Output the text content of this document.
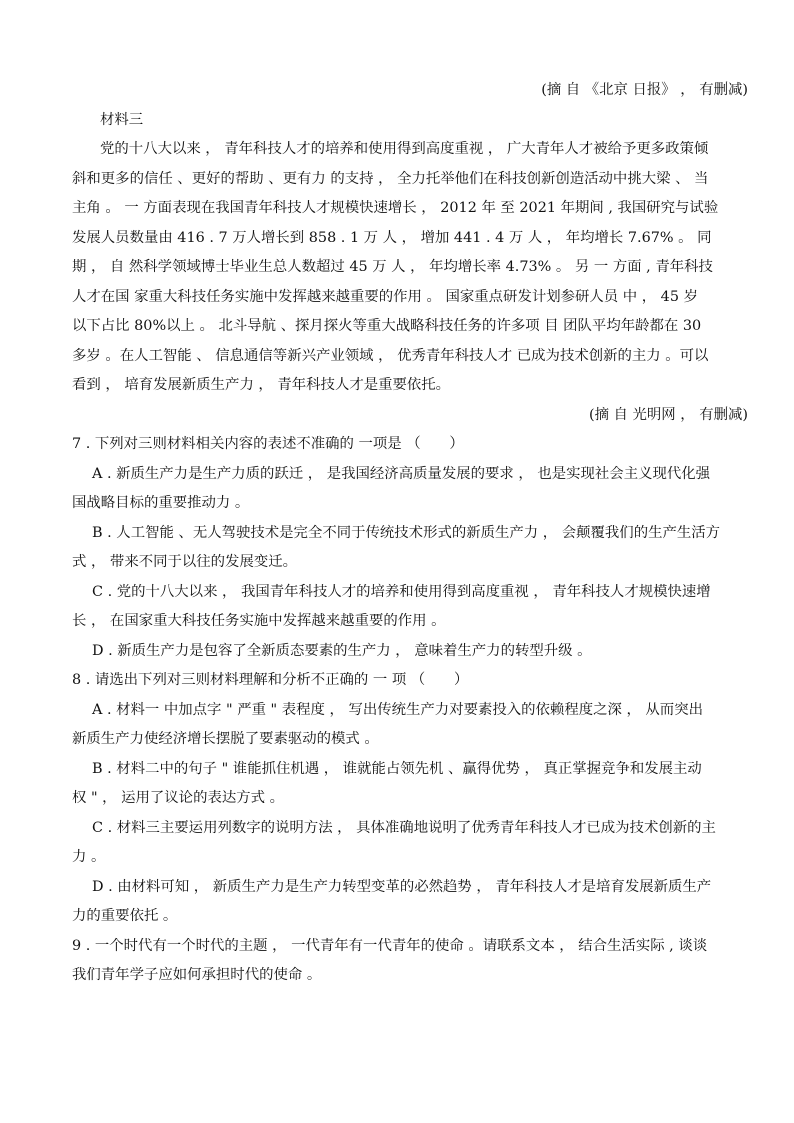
(摘 自 《北京 日报》 ， 有删减)
材料三
党的十八大以来 ， 青年科技人才的培养和使用得到高度重视 ， 广大青年人才被给予更多政策倾
斜和更多的信任 、更好的帮助 、更有力 的支持 ， 全力托举他们在科技创新创造活动中挑大梁 、 当
主角 。 一 方面表现在我国青年科技人才规模快速增长 ， 2012 年 至 2021 年期间 , 我国研究与试验
发展人员数量由 416 . 7 万人增长到 858 . 1 万 人 ， 增加 441 . 4 万 人 ， 年均增长 7.67% 。 同
期 ， 自 然科学领域博士毕业生总人数超过 45 万 人 ， 年均增长率 4.73% 。 另 一 方面 , 青年科技
人才在国 家重大科技任务实施中发挥越来越重要的作用 。 国家重点研发计划参研人员 中 ， 45 岁
以下占比 80%以上 。 北斗导航 、探月探火等重大战略科技任务的许多项 目 团队平均年龄都在 30
多岁 。在人工智能 、 信息通信等新兴产业领域 ， 优秀青年科技人才 已成为技术创新的主力 。可以
看到 ， 培育发展新质生产力 ， 青年科技人才是重要依托。
(摘 自 光明网 ， 有删减)
7 . 下列对三则材料相关内容的表述不准确的 一项是 （　　）
A . 新质生产力是生产力质的跃迁 ， 是我国经济高质量发展的要求 ， 也是实现社会主义现代化强
国战略目标的重要推动力 。
B . 人工智能 、无人驾驶技术是完全不同于传统技术形式的新质生产力 ， 会颠覆我们的生产生活方
式 ， 带来不同于以往的发展变迁。
C . 党的十八大以来 ， 我国青年科技人才的培养和使用得到高度重视 ， 青年科技人才规模快速增
长 ， 在国家重大科技任务实施中发挥越来越重要的作用 。
D . 新质生产力是包容了全新质态要素的生产力 ， 意味着生产力的转型升级 。
8 . 请选出下列对三则材料理解和分析不正确的 一 项 （　　）
A . 材料一 中加点字 " 严重 " 表程度 ， 写出传统生产力对要素投入的依赖程度之深 ， 从而突出
新质生产力使经济增长摆脱了要素驱动的模式 。
B . 材料二中的句子 " 谁能抓住机遇 ， 谁就能占领先机 、赢得优势 ， 真正掌握竞争和发展主动
权 " ， 运用了议论的表达方式 。
C . 材料三主要运用列数字的说明方法 ， 具体准确地说明了优秀青年科技人才已成为技术创新的主
力 。
D . 由材料可知 ， 新质生产力是生产力转型变革的必然趋势 ， 青年科技人才是培育发展新质生产
力的重要依托 。
9 . 一个时代有一个时代的主题 ， 一代青年有一代青年的使命 。请联系文本 ， 结合生活实际 , 谈谈
我们青年学子应如何承担时代的使命 。
